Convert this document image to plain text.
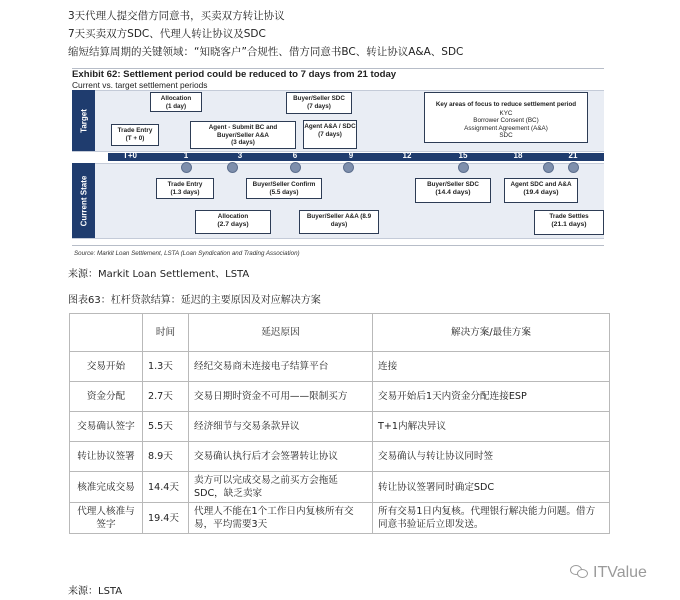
3天代理人提交借方同意书，买卖双方转让协议
7天买卖双方SDC、代理人转让协议及SDC
缩短结算周期的关键领域：“知晓客户”合规性、借方同意书BC、转让协议A&A、SDC
Exhibit 62: Settlement period could be reduced to 7 days from 21 today
Current vs. target settlement periods
Target
T+0	1	3	6	9	12	15	18	21
Current State
Allocation
(1 day)
Trade Entry
(T + 0)
Agent - Submit BC and Buyer/Seller A&A
(3 days)
Buyer/Seller SDC
(7 days)
Agent A&A / SDC
(7 days)
Key areas of focus to reduce settlement period
KYC
Borrower Consent (BC)
Assignment Agreement (A&A)
SDC
Trade Entry
(1.3 days)
Buyer/Seller Confirm
(5.5 days)
Buyer/Seller SDC
(14.4 days)
Agent SDC and A&A
(19.4 days)
Allocation
(2.7 days)
Buyer/Seller A&A (8.9 days)
Trade Settles
(21.1 days)
Source: Markit Loan Settlement, LSTA (Loan Syndication and Trading Association)
来源：Markit Loan Settlement、LSTA
图表63：杠杆贷款结算：延迟的主要原因及对应解决方案
	时间	延迟原因	解决方案/最佳方案
交易开始	1.3天	经纪交易商未连接电子结算平台	连接
资金分配	2.7天	交易日期时资金不可用——限制买方	交易开始后1天内资金分配连接ESP
交易确认签字	5.5天	经济细节与交易条款异议	T+1内解决异议
转让协议签署	8.9天	交易确认执行后才会签署转让协议	交易确认与转让协议同时签
核准完成交易	14.4天	卖方可以完成交易之前买方会拖延SDC，缺乏卖家	转让协议签署同时确定SDC
代理人核准与签字	19.4天	代理人不能在1个工作日内复核所有交易，平均需要3天	所有交易1日内复核。代理银行解决能力问题。借方同意书验证后立即发送。
来源：LSTA
ITValue
